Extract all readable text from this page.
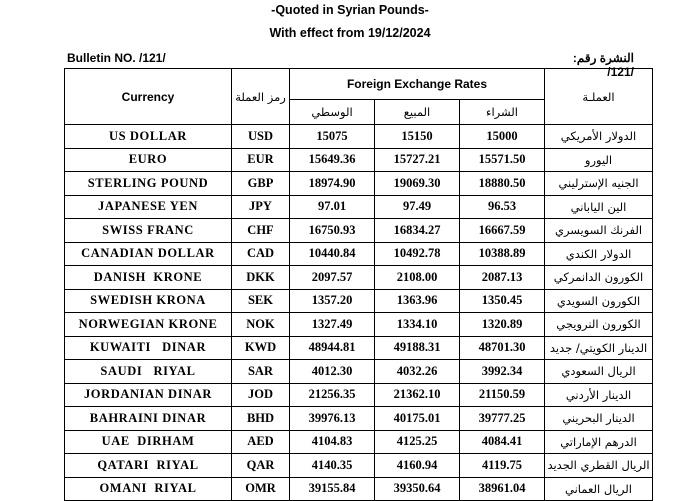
-Quoted in Syrian Pounds-
With effect from 19/12/2024
Bulletin NO. /121/	النشرة رقم: /121/
Currency	رمز العملة	Foreign Exchange Rates			العملـة
		الوسطي	المبيع	الشراء	
US DOLLAR	USD	15075	15150	15000	الدولار الأمريكي
EURO	EUR	15649.36	15727.21	15571.50	اليورو
STERLING POUND	GBP	18974.90	19069.30	18880.50	الجنيه الإسترليني
JAPANESE YEN	JPY	97.01	97.49	96.53	الين الياباني
SWISS FRANC	CHF	16750.93	16834.27	16667.59	الفرنك السويسري
CANADIAN DOLLAR	CAD	10440.84	10492.78	10388.89	الدولار الكندي
DANISH  KRONE	DKK	2097.57	2108.00	2087.13	الكورون الدانمركي
SWEDISH KRONA	SEK	1357.20	1363.96	1350.45	الكورون السويدي
NORWEGIAN KRONE	NOK	1327.49	1334.10	1320.89	الكورون النرويجي
KUWAITI   DINAR	KWD	48944.81	49188.31	48701.30	الدينار الكويتي/ جديد
SAUDI   RIYAL	SAR	4012.30	4032.26	3992.34	الريال السعودي
JORDANIAN DINAR	JOD	21256.35	21362.10	21150.59	الدينار الأردني
BAHRAINI DINAR	BHD	39976.13	40175.01	39777.25	الدينار البحريني
UAE  DIRHAM	AED	4104.83	4125.25	4084.41	الدرهم الإماراتي
QATARI  RIYAL	QAR	4140.35	4160.94	4119.75	الريال القطري الجديد
OMANI  RIYAL	OMR	39155.84	39350.64	38961.04	الريال العماني
